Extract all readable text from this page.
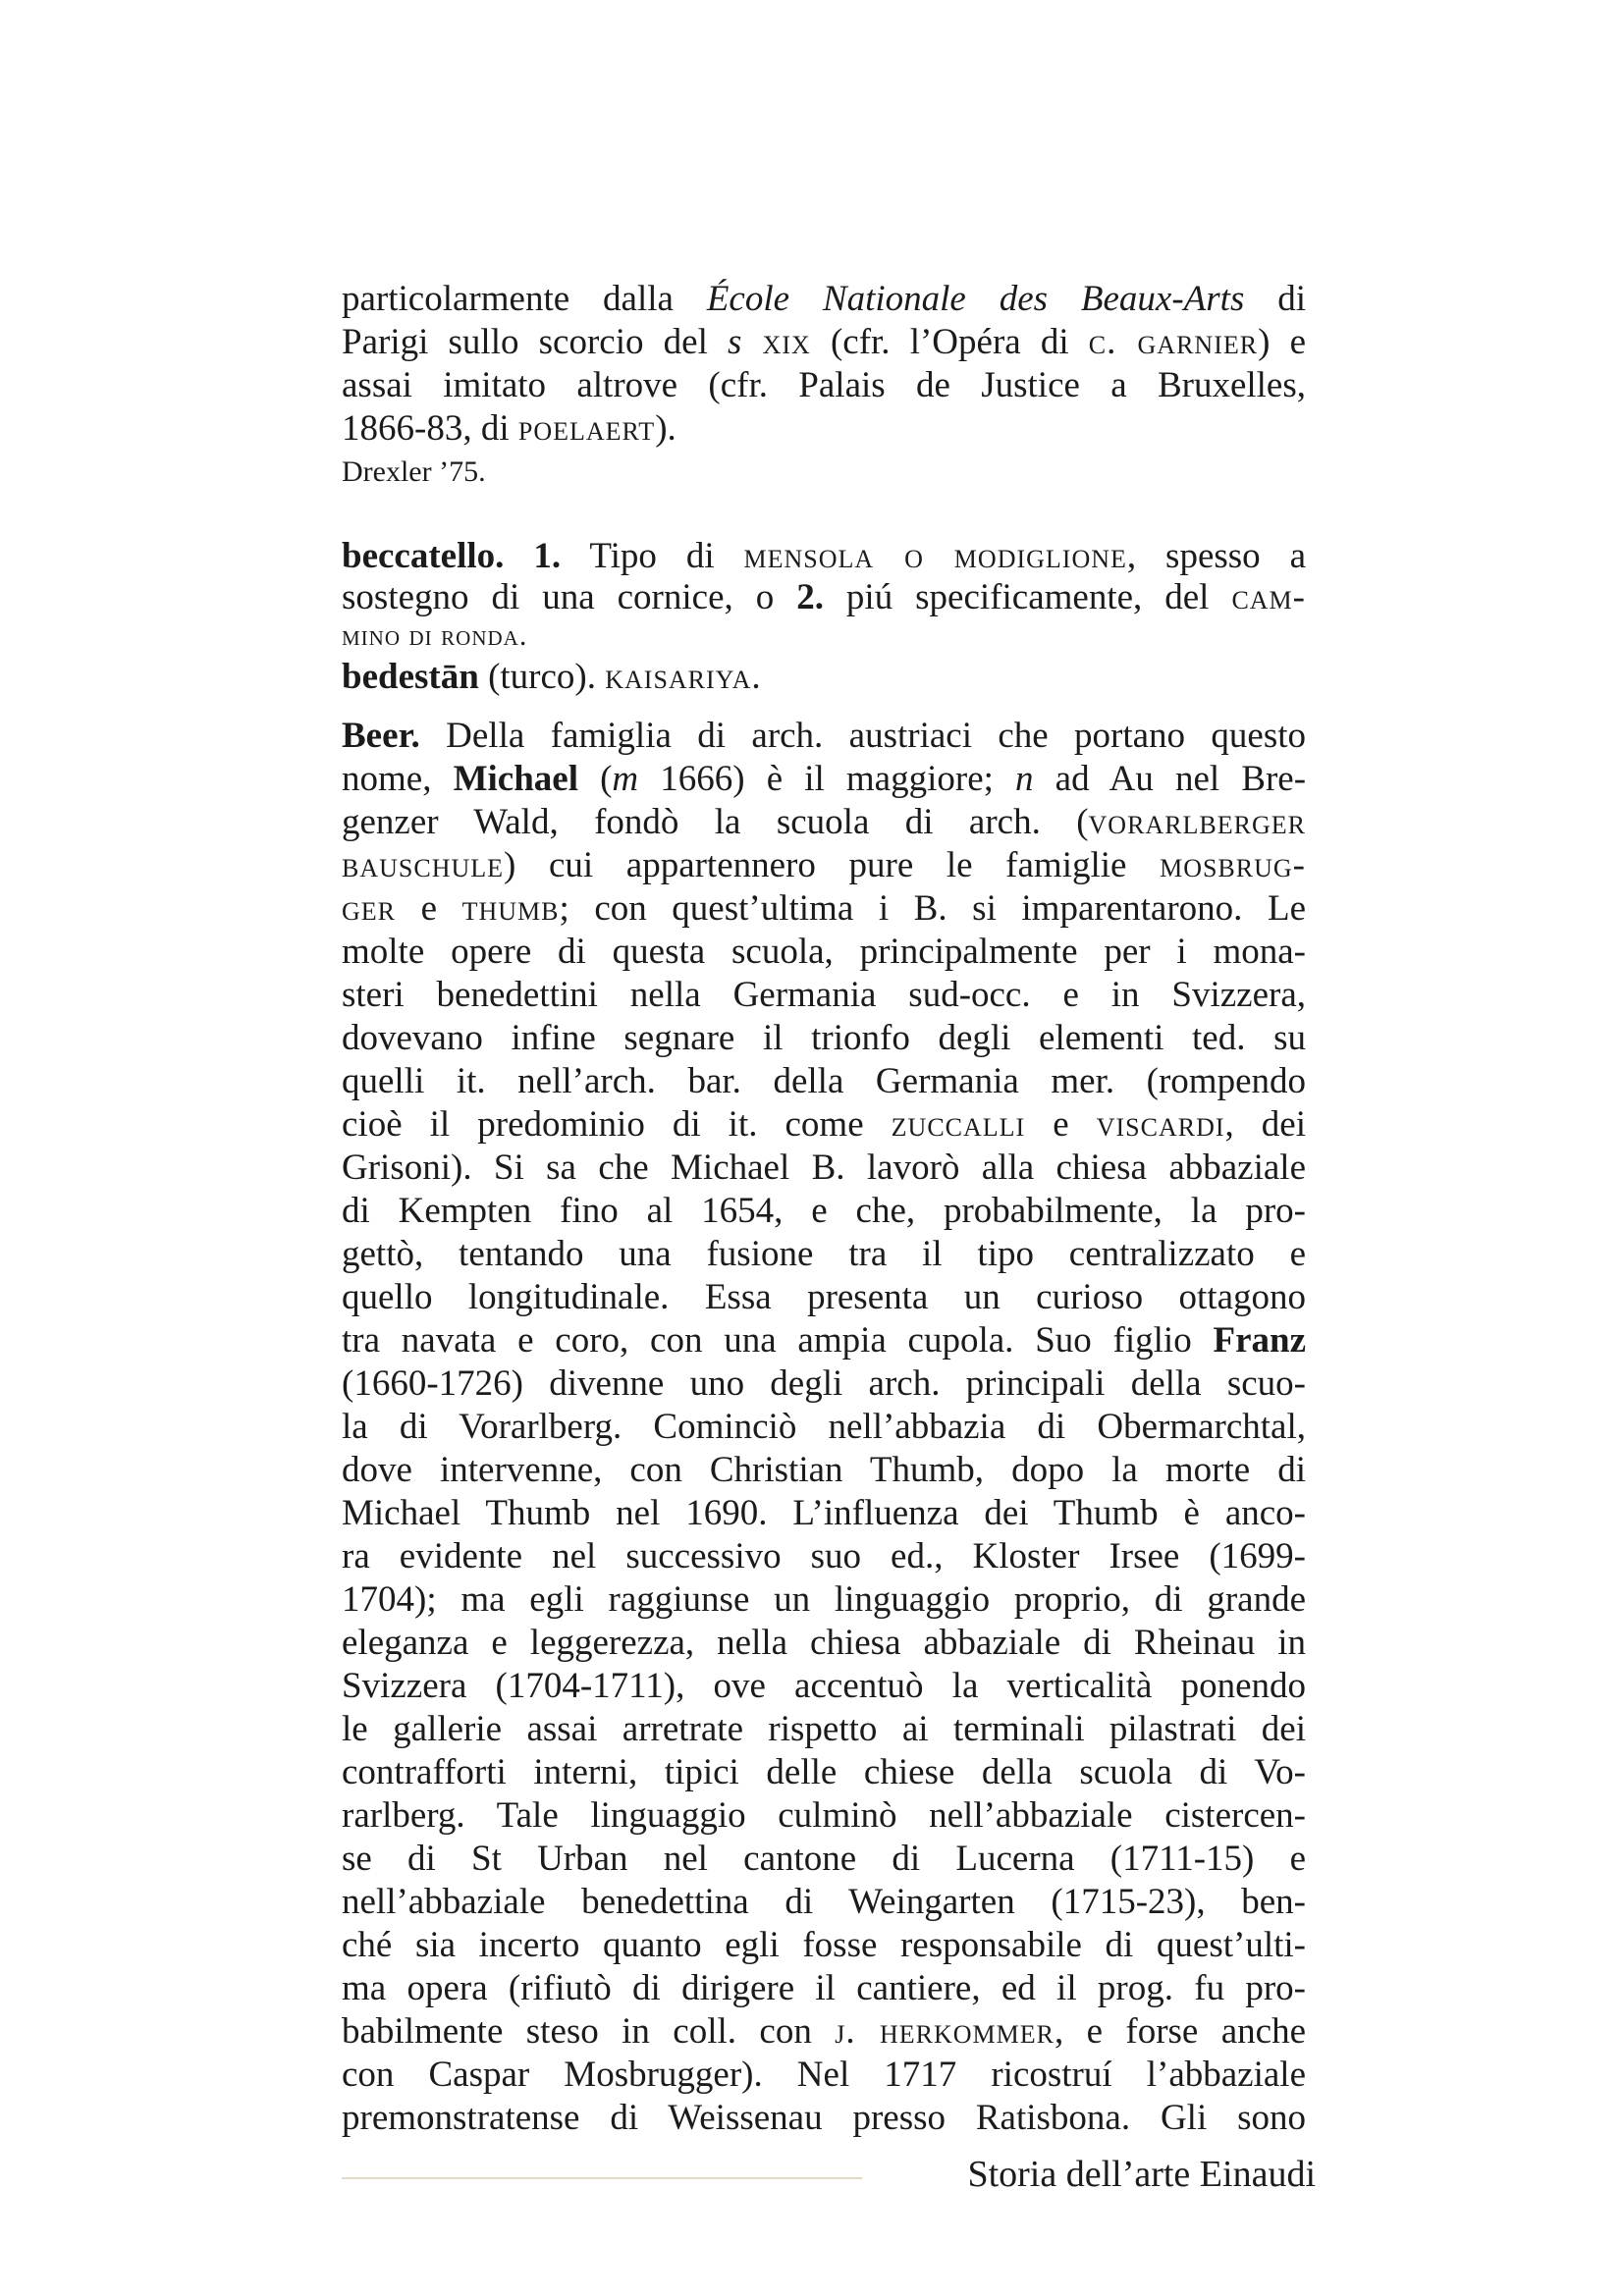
particolarmente dalla École Nationale des Beaux-Arts di
Parigi sullo scorcio del s xix (cfr. l’Opéra di c. garnier) e
assai imitato altrove (cfr. Palais de Justice a Bruxelles,
1866-83, di poelaert).
Drexler ’75.
beccatello. 1. Tipo di mensola o modiglione, spesso a
sostegno di una cornice, o 2. piú specificamente, del cam-
mino di ronda.
bedestān (turco). kaisariya.
Beer. Della famiglia di arch. austriaci che portano questo
nome, Michael (m 1666) è il maggiore; n ad Au nel Bre-
genzer Wald, fondò la scuola di arch. (vorarlberger
bauschule) cui appartennero pure le famiglie mosbrug-
ger e thumb; con quest’ultima i B. si imparentarono. Le
molte opere di questa scuola, principalmente per i mona-
steri benedettini nella Germania sud-occ. e in Svizzera,
dovevano infine segnare il trionfo degli elementi ted. su
quelli it. nell’arch. bar. della Germania mer. (rompendo
cioè il predominio di it. come zuccalli e viscardi, dei
Grisoni). Si sa che Michael B. lavorò alla chiesa abbaziale
di Kempten fino al 1654, e che, probabilmente, la pro-
gettò, tentando una fusione tra il tipo centralizzato e
quello longitudinale. Essa presenta un curioso ottagono
tra navata e coro, con una ampia cupola. Suo figlio Franz
(1660-1726) divenne uno degli arch. principali della scuo-
la di Vorarlberg. Cominciò nell’abbazia di Obermarchtal,
dove intervenne, con Christian Thumb, dopo la morte di
Michael Thumb nel 1690. L’influenza dei Thumb è anco-
ra evidente nel successivo suo ed., Kloster Irsee (1699-
1704); ma egli raggiunse un linguaggio proprio, di grande
eleganza e leggerezza, nella chiesa abbaziale di Rheinau in
Svizzera (1704-1711), ove accentuò la verticalità ponendo
le gallerie assai arretrate rispetto ai terminali pilastrati dei
contrafforti interni, tipici delle chiese della scuola di Vo-
rarlberg. Tale linguaggio culminò nell’abbaziale cistercen-
se di St Urban nel cantone di Lucerna (1711-15) e
nell’abbaziale benedettina di Weingarten (1715-23), ben-
ché sia incerto quanto egli fosse responsabile di quest’ulti-
ma opera (rifiutò di dirigere il cantiere, ed il prog. fu pro-
babilmente steso in coll. con j. herkommer, e forse anche
con Caspar Mosbrugger). Nel 1717 ricostruí l’abbaziale
premonstratense di Weissenau presso Ratisbona. Gli sono
Storia dell’arte Einaudi
